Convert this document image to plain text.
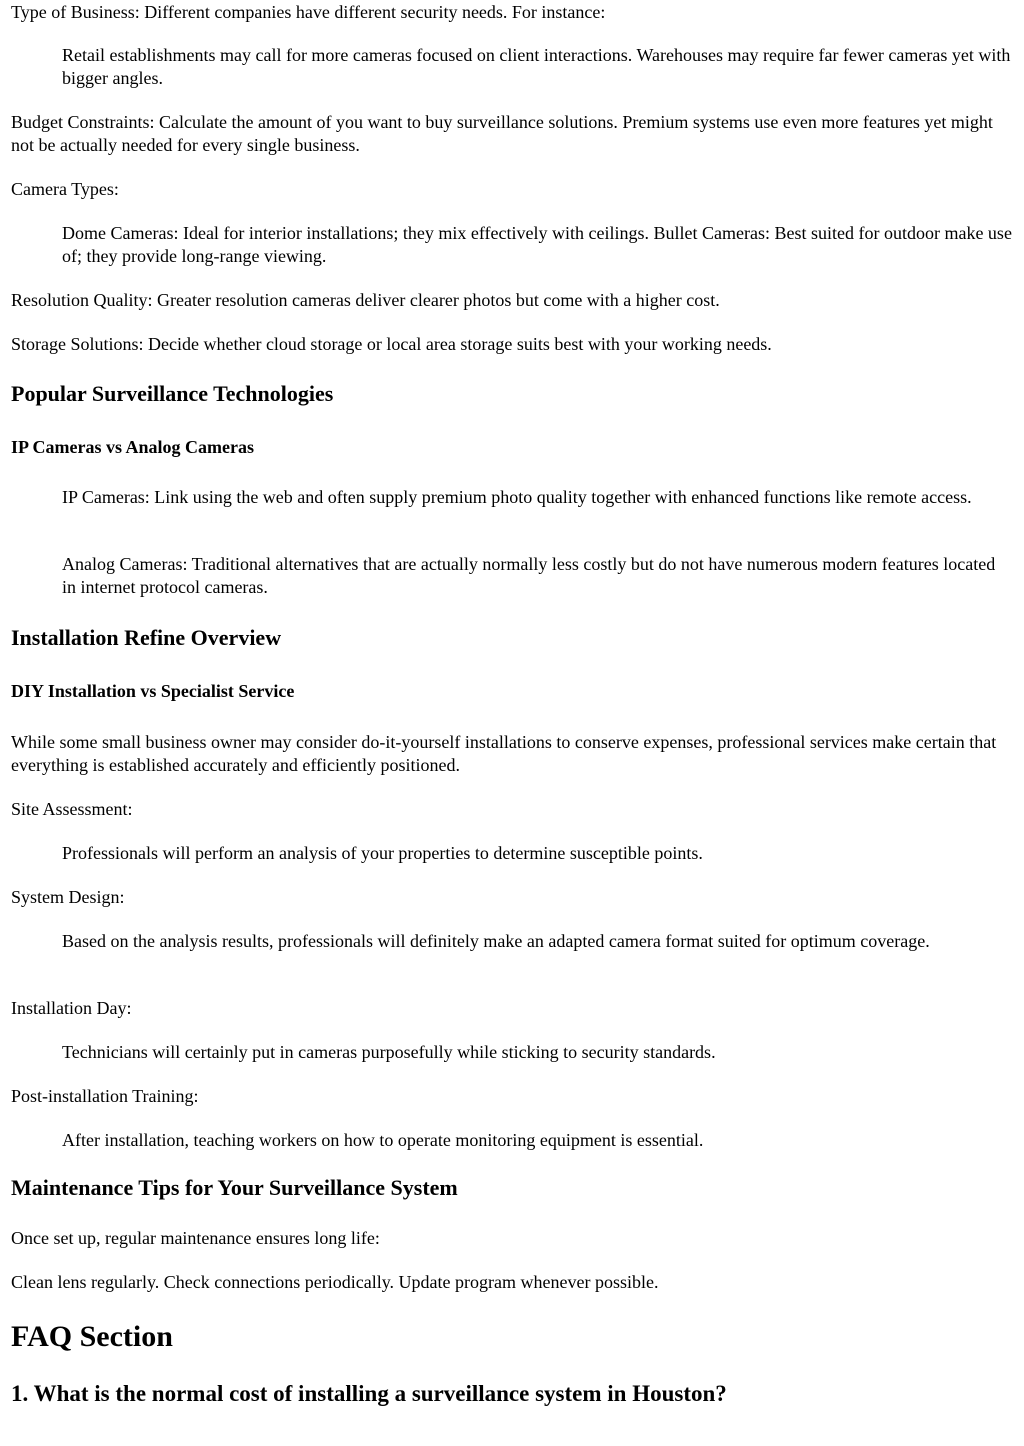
Type of Business: Different companies have different security needs. For instance:

Retail establishments may call for more cameras focused on client interactions. Warehouses may require far fewer cameras yet with bigger angles.

Budget Constraints: Calculate the amount of you want to buy surveillance solutions. Premium systems use even more features yet might not be actually needed for every single business.

Camera Types:

Dome Cameras: Ideal for interior installations; they mix effectively with ceilings. Bullet Cameras: Best suited for outdoor make use of; they provide long-range viewing.

Resolution Quality: Greater resolution cameras deliver clearer photos but come with a higher cost.

Storage Solutions: Decide whether cloud storage or local area storage suits best with your working needs.

Popular Surveillance Technologies
IP Cameras vs Analog Cameras

IP Cameras: Link using the web and often supply premium photo quality together with enhanced functions like remote access.

Analog Cameras: Traditional alternatives that are actually normally less costly but do not have numerous modern features located in internet protocol cameras.

Installation Refine Overview
DIY Installation vs Specialist Service

While some small business owner may consider do-it-yourself installations to conserve expenses, professional services make certain that everything is established accurately and efficiently positioned.

Site Assessment:

Professionals will perform an analysis of your properties to determine susceptible points.

System Design:

Based on the analysis results, professionals will definitely make an adapted camera format suited for optimum coverage.

Installation Day:

Technicians will certainly put in cameras purposefully while sticking to security standards.

Post-installation Training:

After installation, teaching workers on how to operate monitoring equipment is essential.

Maintenance Tips for Your Surveillance System

Once set up, regular maintenance ensures long life:

Clean lens regularly. Check connections periodically. Update program whenever possible.

FAQ Section
1. What is the normal cost of installing a surveillance system in Houston?
